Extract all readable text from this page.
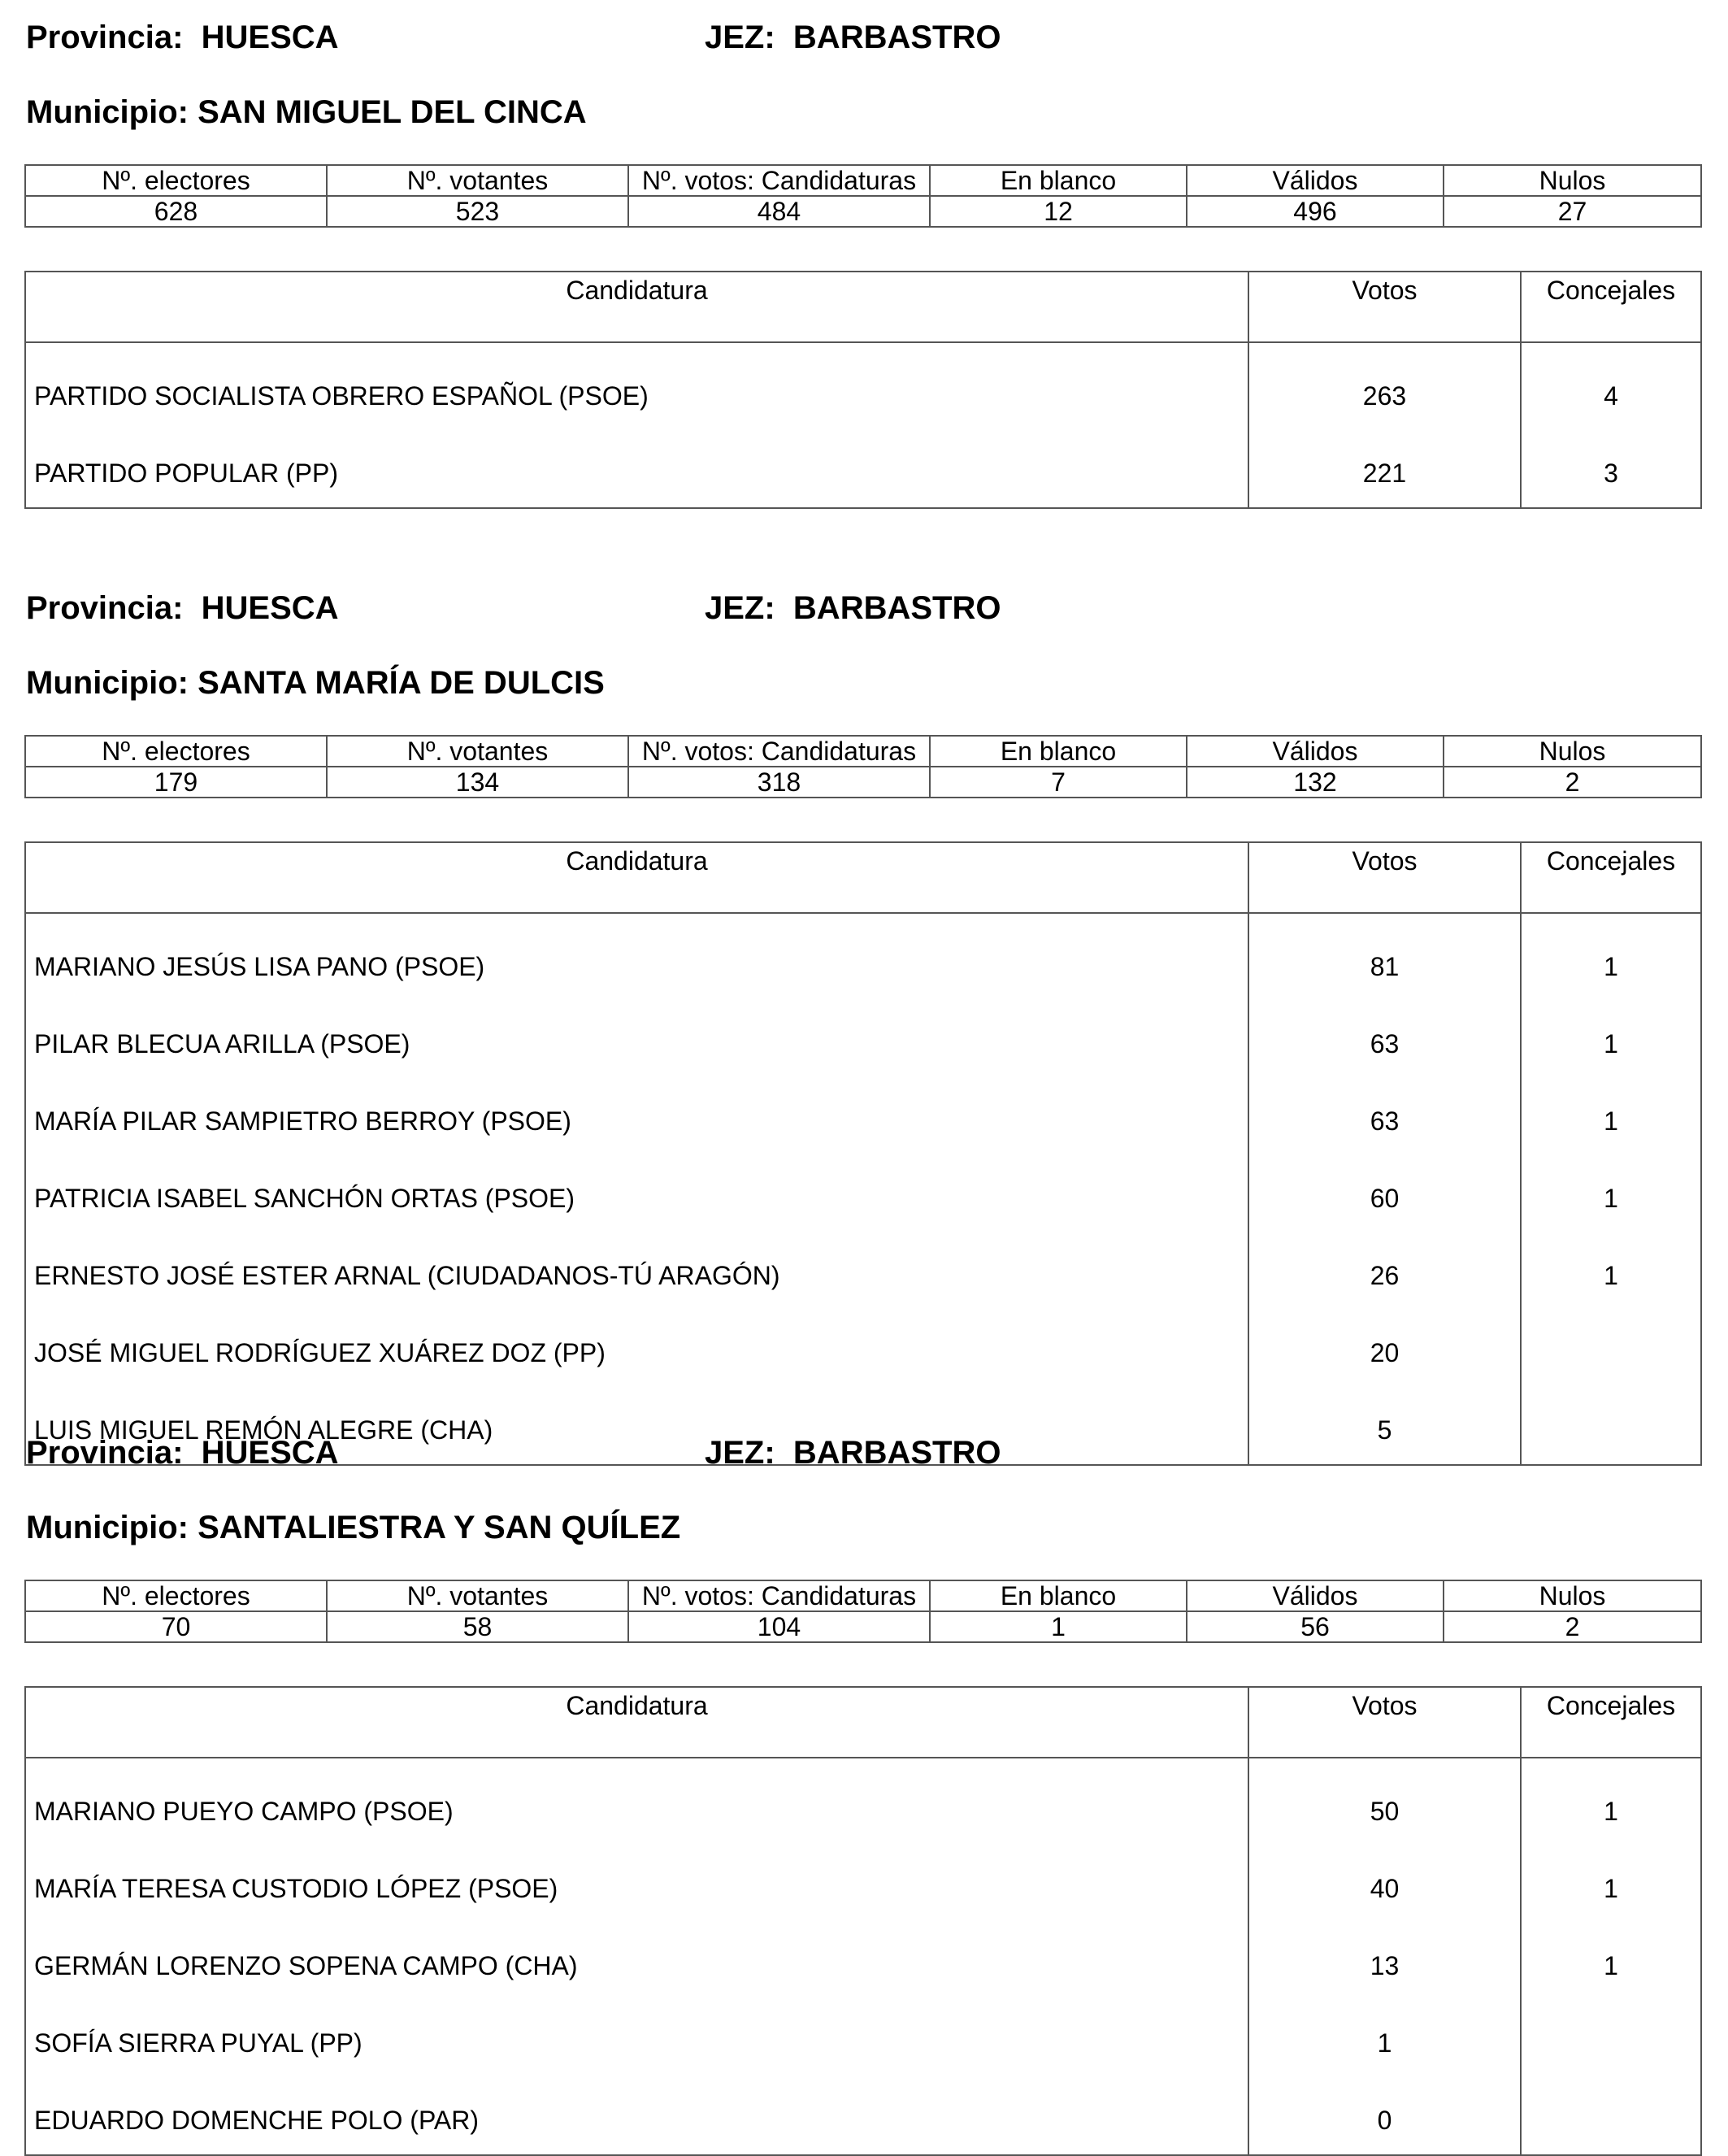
Provincia: HUESCA	JEZ: BARBASTRO
Municipio: SAN MIGUEL DEL CINCA
Nº. electores	Nº. votantes	Nº. votos: Candidaturas	En blanco	Válidos	Nulos
628	523	484	12	496	27
Candidatura	Votos	Concejales
PARTIDO SOCIALISTA OBRERO ESPAÑOL (PSOE)	263	4
PARTIDO POPULAR (PP)	221	3
Provincia: HUESCA	JEZ: BARBASTRO
Municipio: SANTA MARÍA DE DULCIS
Nº. electores	Nº. votantes	Nº. votos: Candidaturas	En blanco	Válidos	Nulos
179	134	318	7	132	2
Candidatura	Votos	Concejales
MARIANO JESÚS LISA PANO (PSOE)	81	1
PILAR BLECUA ARILLA (PSOE)	63	1
MARÍA PILAR SAMPIETRO BERROY (PSOE)	63	1
PATRICIA ISABEL SANCHÓN ORTAS (PSOE)	60	1
ERNESTO JOSÉ ESTER ARNAL (CIUDADANOS-TÚ ARAGÓN)	26	1
JOSÉ MIGUEL RODRÍGUEZ XUÁREZ DOZ (PP)	20	
LUIS MIGUEL REMÓN ALEGRE (CHA)	5	
Provincia: HUESCA	JEZ: BARBASTRO
Municipio: SANTALIESTRA Y SAN QUÍLEZ
Nº. electores	Nº. votantes	Nº. votos: Candidaturas	En blanco	Válidos	Nulos
70	58	104	1	56	2
Candidatura	Votos	Concejales
MARIANO PUEYO CAMPO (PSOE)	50	1
MARÍA TERESA CUSTODIO LÓPEZ (PSOE)	40	1
GERMÁN LORENZO SOPENA CAMPO (CHA)	13	1
SOFÍA SIERRA PUYAL (PP)	1	
EDUARDO DOMENCHE POLO (PAR)	0	
